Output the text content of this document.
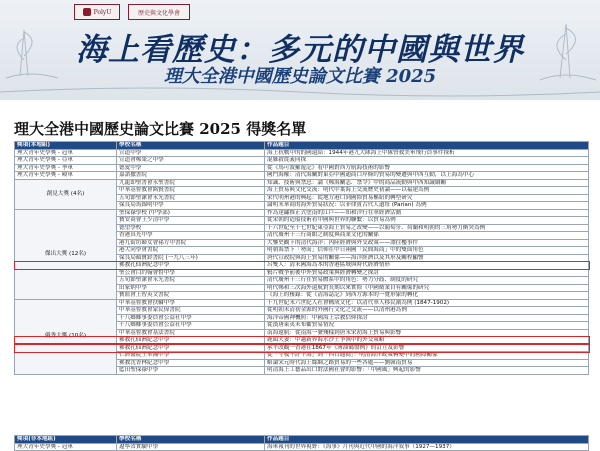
PolyU	歷史與文化學會
海上看歷史：多元的中國與世界
理大全港中國歷史論文比賽 2025
理大全港中國歷史論文比賽 2025 得獎名單
獎項(本地組)	學校名稱	作品題目
理大青年史學獎 - 冠軍	宣道中學	海上抗戰中的的國遠結：1944年港九大隊海上中隊營救美軍飛行員事件探析
理大青年史學獎 - 亞軍	宣道會鄭榮之中學	混雜殺從義同探
理大青年史學獎 - 季軍	德愛中學	從《馬可波羅遊記》看中國對西方航海技術的影響
理大青年史學獎 - 殿軍	嘉諾撒書院	國門海權：清代海關對東亞中國通商口岸條約貿易的變遷與中西互動，以上海為中心
創見大獎 (4名)	九龍即聖書會永聖書院	知識、技術與禁忌：論《鄭海關志．禁令》中的商品流動與中西知識網關
	中華基督教會銘賢書院	海上貿易與文化交流：明代中葉海上交流歷史初論——以福建為例
	五旬節聖潔會永光書院	宋代明州港的興起：從地方港口到國際貿易樞紐的轉型研究
	保良局馬錦明中學	論明末華商的海外貿易狀況：以菲律賓古代人遺址 (Parian) 為例
傑出大獎 (12名)	聖保祿學校 (中學部)	作為達鏽推正式塗南的江戶——知和洋行在華經濟活動
	寶安商會王少清中學	從宋朝的造船技術看中國與世界的聯繫：以貿易為例
	德望學校	十六世紀至十七世紀東亞海上貿易之改變——以葡萄牙、荷蘭和明朝的三角勢力衝突為例
	香港真光中學	清代廣州十三行商館之制度與商業文化的關係
	港九街坊婦女會孫方中書院	大鑒史觀下的清代海洋：內陸經濟與外交政策——漂往樓事件
	港大同學會書院	明朝海禁下「勢而」信仰在中日兩國「民間海商」中的雙面角色
	保良局顏寶鈴書院 (一九八三年)	唐代宣政院與海上貿易的關係——海洋經濟以及其形及關程顯響
	佛教孔仙洲紀念中學	呂雙人：清末國海為本的香港區域與時代經濟情形
	聖公會白約翰會督中學	鴉片戰爭前後中外貿易政策與經濟轉變之探討
	五旬節聖潔會永光書院	清代廣州十三行在貿易體系中的角色：勢力分歧、制度的研究
	田家炳中學	明代鄭和三次海外遠航對長期以來實際《中國衛業自有關係的研究
	寶血會上智英文書院	《海上的棲錄：從《清海誌記》到西方源本的一覽形象的轉化
優秀大獎 (10名)	中華基督教會扶輪中學	十九世紀末六世紀人社會構成文化：以清代華人移民潮為例 (1847-1902)
	中華基督教會蒙民偉書院	從明朝末清初金源的外國行文化之交流——以清州港為例
	十八鄉鄉事委員會公益社中學	海洋帝國神機照：中國海上宗教信仰探討
	十八鄉鄉事委員會公益社中學	從漢唐東夷末布衢貿易情況
	中華基督教會基法書院	南海遠航：從南海一號殘樣到唐末宋初海上貿易與影響
	佛教孔仙洲紀念中學	鹿頭夫妻：中越新界海水沙土爭執中的外交策略
	佛教孔仙洲紀念中學	承平改觀一香港在1867年《薄油碼盤例》的訂立及影響
	仁濟醫院王華湘中學	從「寸板不許下海」到「四口通商」：明清海洋政策轉變中的國際關係
	佛教沈香林紀念中學	略論宋元時代海上絲綢之路貿易的一些各處——劉韓南貿易
	藍田聖保祿中學	明清海上工藝品出口對法國社會的影響：「中國風」興起的影響
獎項(非本地組)	學校名稱	作品題目
理大青年史學獎 - 冠軍	遼寧省實驗中學	海軍報刊的世界視野：《海事》月刊與近代中國的海洋叙事（1927—1937）
